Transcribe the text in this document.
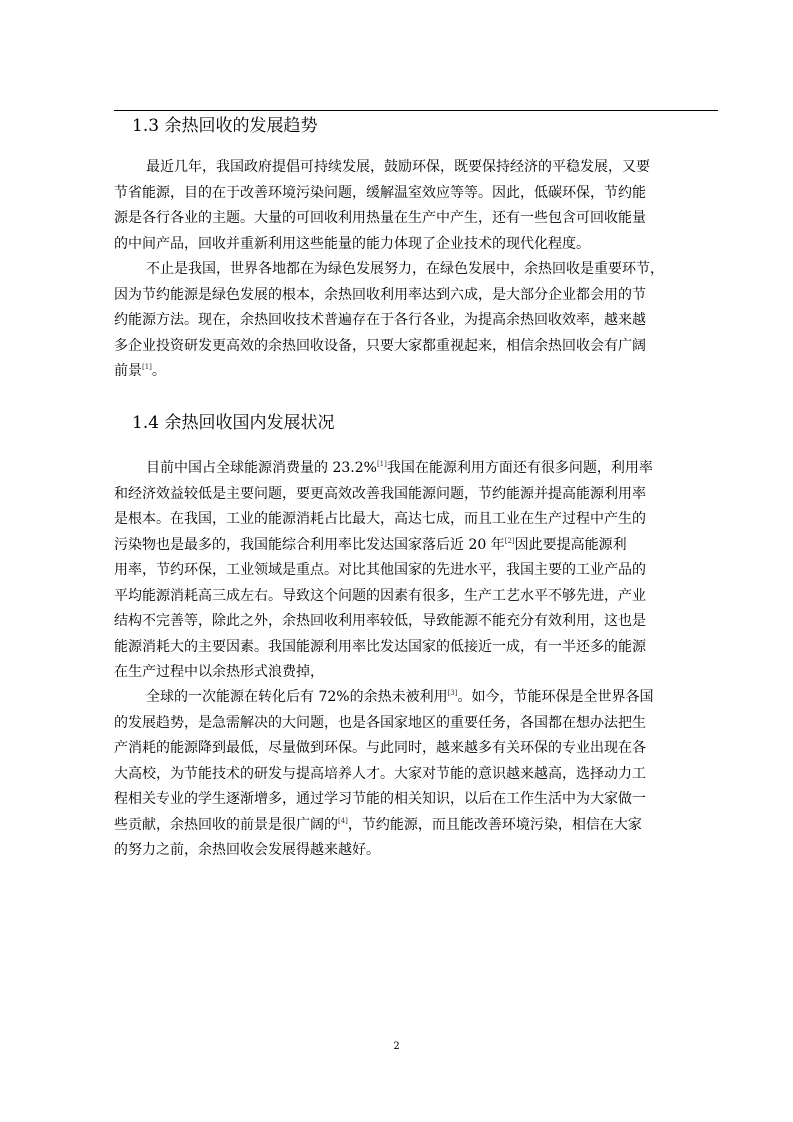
1.3 余热回收的发展趋势

最近几年，我国政府提倡可持续发展，鼓励环保，既要保持经济的平稳发展，又要
节省能源，目的在于改善环境污染问题，缓解温室效应等等。因此，低碳环保，节约能
源是各行各业的主题。大量的可回收利用热量在生产中产生，还有一些包含可回收能量
的中间产品，回收并重新利用这些能量的能力体现了企业技术的现代化程度。

不止是我国，世界各地都在为绿色发展努力，在绿色发展中，余热回收是重要环节，
因为节约能源是绿色发展的根本，余热回收利用率达到六成，是大部分企业都会用的节
约能源方法。现在，余热回收技术普遍存在于各行各业，为提高余热回收效率，越来越
多企业投资研发更高效的余热回收设备，只要大家都重视起来，相信余热回收会有广阔
前景[1]。

1.4 余热回收国内发展状况

目前中国占全球能源消费量的 23.2%[1]我国在能源利用方面还有很多问题，利用率
和经济效益较低是主要问题，要更高效改善我国能源问题，节约能源并提高能源利用率
是根本。在我国，工业的能源消耗占比最大，高达七成，而且工业在生产过程中产生的
污染物也是最多的，我国能综合利用率比发达国家落后近 20 年[2]因此要提高能源利
用率，节约环保，工业领域是重点。对比其他国家的先进水平，我国主要的工业产品的
平均能源消耗高三成左右。导致这个问题的因素有很多，生产工艺水平不够先进，产业
结构不完善等，除此之外，余热回收利用率较低，导致能源不能充分有效利用，这也是
能源消耗大的主要因素。我国能源利用率比发达国家的低接近一成，有一半还多的能源
在生产过程中以余热形式浪费掉，

全球的一次能源在转化后有 72%的余热未被利用[3]。如今，节能环保是全世界各国
的发展趋势，是急需解决的大问题，也是各国家地区的重要任务，各国都在想办法把生
产消耗的能源降到最低，尽量做到环保。与此同时，越来越多有关环保的专业出现在各
大高校，为节能技术的研发与提高培养人才。大家对节能的意识越来越高，选择动力工
程相关专业的学生逐渐增多，通过学习节能的相关知识，以后在工作生活中为大家做一
些贡献，余热回收的前景是很广阔的[4]，节约能源，而且能改善环境污染，相信在大家
的努力之前，余热回收会发展得越来越好。

2
